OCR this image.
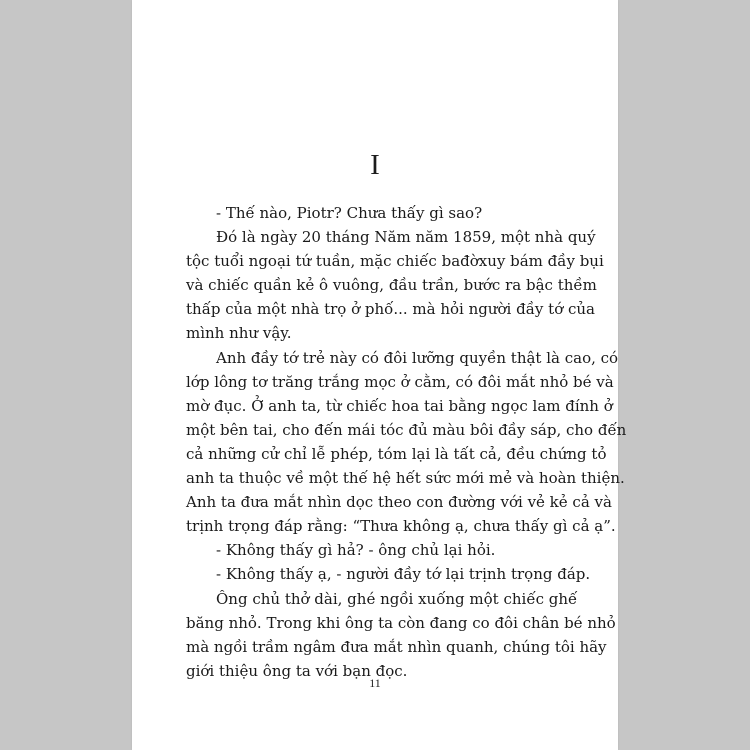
I
- Thế nào, Piotr? Chưa thấy gì sao?
Đó là ngày 20 tháng Năm năm 1859, một nhà quý
tộc tuổi ngoại tứ tuần, mặc chiếc bađờxuy bám đầy bụi
và chiếc quần kẻ ô vuông, đầu trần, bước ra bậc thềm
thấp của một nhà trọ ở phố... mà hỏi người đầy tớ của
mình như vậy.
Anh đầy tớ trẻ này có đôi lưỡng quyền thật là cao, có
lớp lông tơ trăng trắng mọc ở cằm, có đôi mắt nhỏ bé và
mờ đục. Ở anh ta, từ chiếc hoa tai bằng ngọc lam đính ở
một bên tai, cho đến mái tóc đủ màu bôi đầy sáp, cho đến
cả những cử chỉ lễ phép, tóm lại là tất cả, đều chứng tỏ
anh ta thuộc về một thế hệ hết sức mới mẻ và hoàn thiện.
Anh ta đưa mắt nhìn dọc theo con đường với vẻ kẻ cả và
trịnh trọng đáp rằng: “Thưa không ạ, chưa thấy gì cả ạ”.
- Không thấy gì hả? - ông chủ lại hỏi.
- Không thấy ạ, - người đầy tớ lại trịnh trọng đáp.
Ông chủ thở dài, ghé ngồi xuống một chiếc ghế
băng nhỏ. Trong khi ông ta còn đang co đôi chân bé nhỏ
mà ngồi trầm ngâm đưa mắt nhìn quanh, chúng tôi hãy
giới thiệu ông ta với bạn đọc.
11
